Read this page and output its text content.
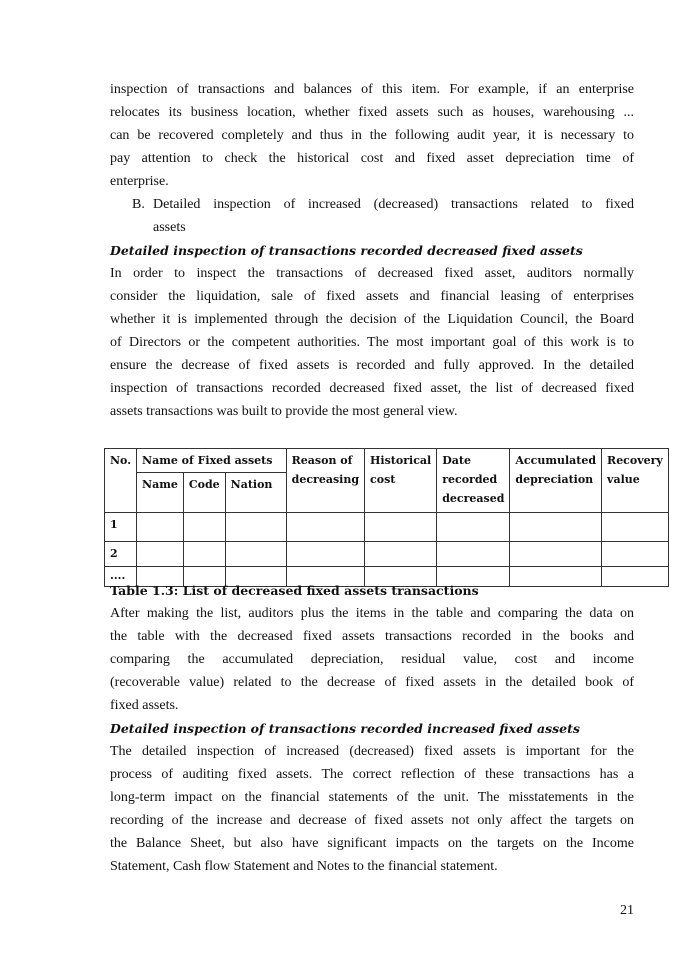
inspection of transactions and balances of this item. For example, if an enterprise
relocates its business location, whether fixed assets such as houses, warehousing ...
can be recovered completely and thus in the following audit year, it is necessary to
pay attention to check the historical cost and fixed asset depreciation time of
enterprise.
B. Detailed inspection of increased (decreased) transactions related to fixed
assets
Detailed inspection of transactions recorded decreased fixed assets
In order to inspect the transactions of decreased fixed asset, auditors normally
consider the liquidation, sale of fixed assets and financial leasing of enterprises
whether it is implemented through the decision of the Liquidation Council, the Board
of Directors or the competent authorities. The most important goal of this work is to
ensure the decrease of fixed assets is recorded and fully approved. In the detailed
inspection of transactions recorded decreased fixed asset, the list of decreased fixed
assets transactions was built to provide the most general view.
No.	Name of Fixed assets			Reason of decreasing	Historical cost	Date recorded decreased	Accumulated depreciation	Recovery value
	Name	Code	Nation					
1								
2								
....								
Table 1.3: List of decreased fixed assets transactions
After making the list, auditors plus the items in the table and comparing the data on
the table with the decreased fixed assets transactions recorded in the books and
comparing the accumulated depreciation, residual value, cost and income
(recoverable value) related to the decrease of fixed assets in the detailed book of
fixed assets.
Detailed inspection of transactions recorded increased fixed assets
The detailed inspection of increased (decreased) fixed assets is important for the
process of auditing fixed assets. The correct reflection of these transactions has a
long-term impact on the financial statements of the unit. The misstatements in the
recording of the increase and decrease of fixed assets not only affect the targets on
the Balance Sheet, but also have significant impacts on the targets on the Income
Statement, Cash flow Statement and Notes to the financial statement.
21
